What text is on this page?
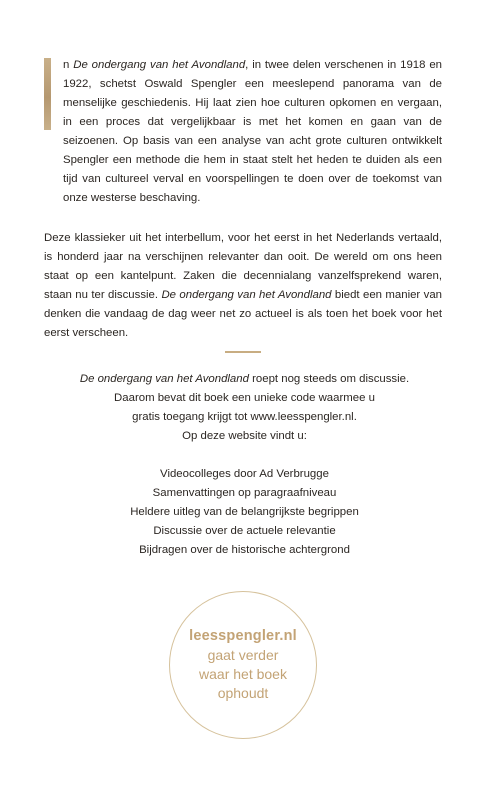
n De ondergang van het Avondland, in twee delen verschenen in 1918 en 1922, schetst Oswald Spengler een meeslepend panorama van de menselijke geschiedenis. Hij laat zien hoe culturen opkomen en vergaan, in een proces dat vergelijkbaar is met het komen en gaan van de seizoenen. Op basis van een analyse van acht grote culturen ontwikkelt Spengler een methode die hem in staat stelt het heden te duiden als een tijd van cultureel verval en voorspellingen te doen over de toekomst van onze westerse beschaving.

Deze klassieker uit het interbellum, voor het eerst in het Nederlands vertaald, is honderd jaar na verschijnen relevanter dan ooit. De wereld om ons heen staat op een kantelpunt. Zaken die decennialang vanzelfsprekend waren, staan nu ter discussie. De ondergang van het Avondland biedt een manier van denken die vandaag de dag weer net zo actueel is als toen het boek voor het eerst verscheen.

De ondergang van het Avondland roept nog steeds om discussie.
Daarom bevat dit boek een unieke code waarmee u
gratis toegang krijgt tot www.leesspengler.nl.
Op deze website vindt u:
Videocolleges door Ad Verbrugge
Samenvattingen op paragraafniveau
Heldere uitleg van de belangrijkste begrippen
Discussie over de actuele relevantie
Bijdragen over de historische achtergrond
leesspengler.nl
gaat verder
waar het boek
ophoudt
